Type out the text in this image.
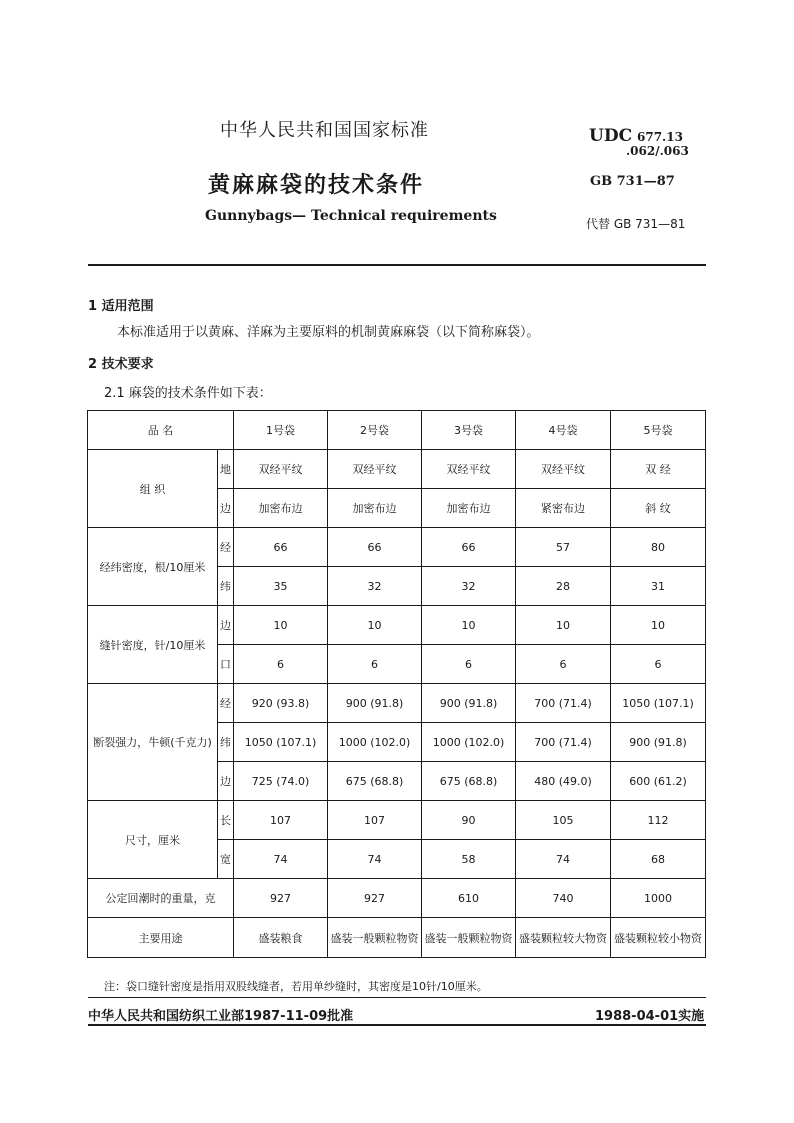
中华人民共和国国家标准
黄麻麻袋的技术条件
Gunnybags— Technical requirements
UDC 677.13
.062/.063
GB 731—87
代替 GB 731—81
1 适用范围
本标准适用于以黄麻、洋麻为主要原料的机制黄麻麻袋（以下简称麻袋）。
2 技术要求
2.1 麻袋的技术条件如下表：
品 名		1号袋	2号袋	3号袋	4号袋	5号袋
组 织	地	双经平纹	双经平纹	双经平纹	双经平纹	双 经
	边	加密布边	加密布边	加密布边	紧密布边	斜 纹
经纬密度，根/10厘米	经	66	66	66	57	80
	纬	35	32	32	28	31
缝针密度，针/10厘米	边	10	10	10	10	10
	口	6	6	6	6	6
断裂强力，牛顿(千克力)	经	920 (93.8)	900 (91.8)	900 (91.8)	700 (71.4)	1050 (107.1)
	纬	1050 (107.1)	1000 (102.0)	1000 (102.0)	700 (71.4)	900 (91.8)
	边	725 (74.0)	675 (68.8)	675 (68.8)	480 (49.0)	600 (61.2)
尺寸，厘米	长	107	107	90	105	112
	宽	74	74	58	74	68
公定回潮时的重量，克		927	927	610	740	1000
主要用途		盛装粮食	盛装一般颗粒物资	盛装一般颗粒物资	盛装颗粒较大物资	盛装颗粒较小物资
注：袋口缝针密度是指用双股线缝者，若用单纱缝时，其密度是10针/10厘米。
中华人民共和国纺织工业部1987-11-09批准	1988-04-01实施
